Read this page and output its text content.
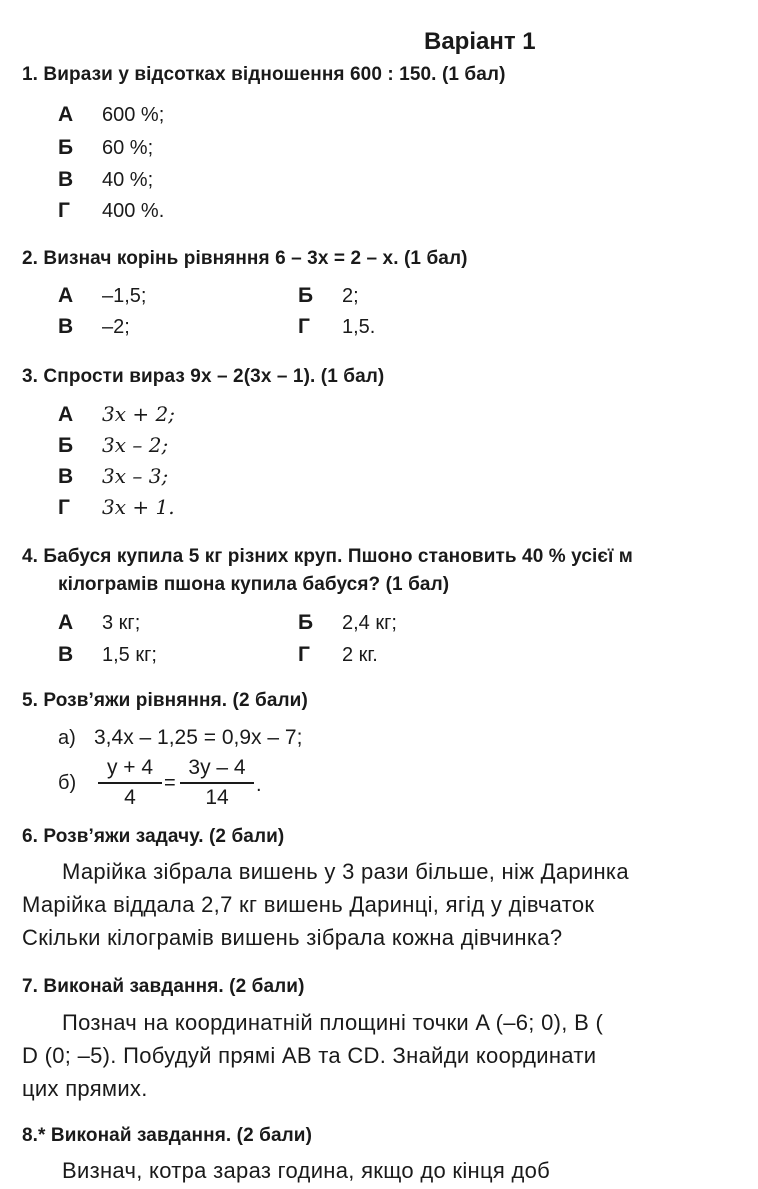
Варіант 1
1. Вирази у відсотках відношення 600 : 150. (1 бал)
А 600 %;
Б 60 %;
В 40 %;
Г 400 %.
2. Визнач корінь рівняння 6 – 3x = 2 – x. (1 бал)
А –1,5;	Б 2;
В –2;	Г 1,5.
3. Спрости вираз 9x – 2(3x – 1). (1 бал)
А 3x + 2;
Б 3x – 2;
В 3x – 3;
Г 3x + 1.
4. Бабуся купила 5 кг різних круп. Пшоно становить 40 % усієї м
кілограмів пшона купила бабуся? (1 бал)
А 3 кг;	Б 2,4 кг;
В 1,5 кг;	Г 2 кг.
5. Розв’яжи рівняння. (2 бали)
а) 3,4x – 1,25 = 0,9x – 7;
$б) \frac{y + 4}{4} = \frac{3y - 4}{14}$ .
6. Розв’яжи задачу. (2 бали)
Марійка зібрала вишень у 3 рази більше, ніж Даринка
Марійка віддала 2,7 кг вишень Даринці, ягід у дівчаток
Скільки кілограмів вишень зібрала кожна дівчинка?
7. Виконай завдання. (2 бали)
Познач на координатній площині точки A (–6; 0), B (
D (0; –5). Побудуй прямі AB та CD. Знайди координати
цих прямих.
8.* Виконай завдання. (2 бали)
Визнач, котра зараз година, якщо до кінця доб
